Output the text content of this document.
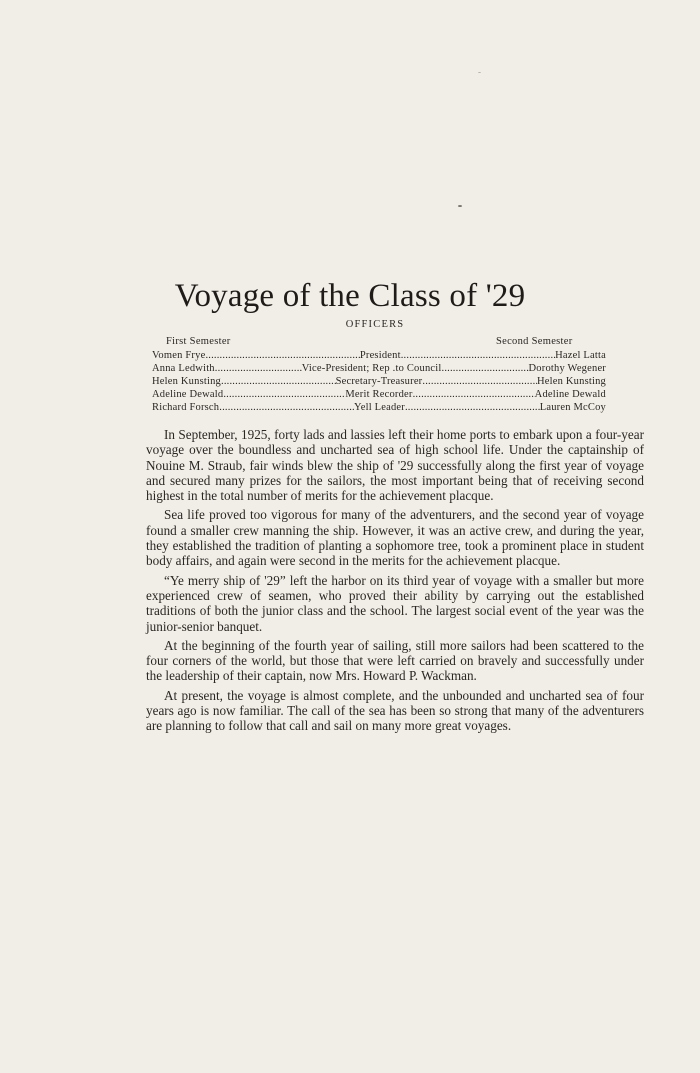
Voyage of the Class of '29
OFFICERS
First Semester	Second Semester
Vomen Frye .....	President .....	Hazel Latta
Anna Ledwith .....	Vice-President; Rep .to Council .....	Dorothy Wegener
Helen Kunsting .....	Secretary-Treasurer .....	Helen Kunsting
Adeline Dewald .....	Merit Recorder .....	Adeline Dewald
Richard Forsch .....	Yell Leader .....	Lauren McCoy

In September, 1925, forty lads and lassies left their home ports to embark upon a four-year voyage over the boundless and uncharted sea of high school life. Under the captainship of Nouine M. Straub, fair winds blew the ship of '29 successfully along the first year of voyage and secured many prizes for the sailors, the most important being that of receiving second highest in the total number of merits for the achievement placque.

Sea life proved too vigorous for many of the adventurers, and the second year of voyage found a smaller crew manning the ship. However, it was an active crew, and during the year, they established the tradition of planting a sophomore tree, took a prominent place in student body affairs, and again were second in the merits for the achievement placque.

“Ye merry ship of '29” left the harbor on its third year of voyage with a smaller but more experienced crew of seamen, who proved their ability by carrying out the established traditions of both the junior class and the school. The largest social event of the year was the junior-senior banquet.

At the beginning of the fourth year of sailing, still more sailors had been scattered to the four corners of the world, but those that were left carried on bravely and successfully under the leadership of their captain, now Mrs. Howard P. Wackman.

At present, the voyage is almost complete, and the unbounded and uncharted sea of four years ago is now familiar. The call of the sea has been so strong that many of the adventurers are planning to follow that call and sail on many more great voyages.
